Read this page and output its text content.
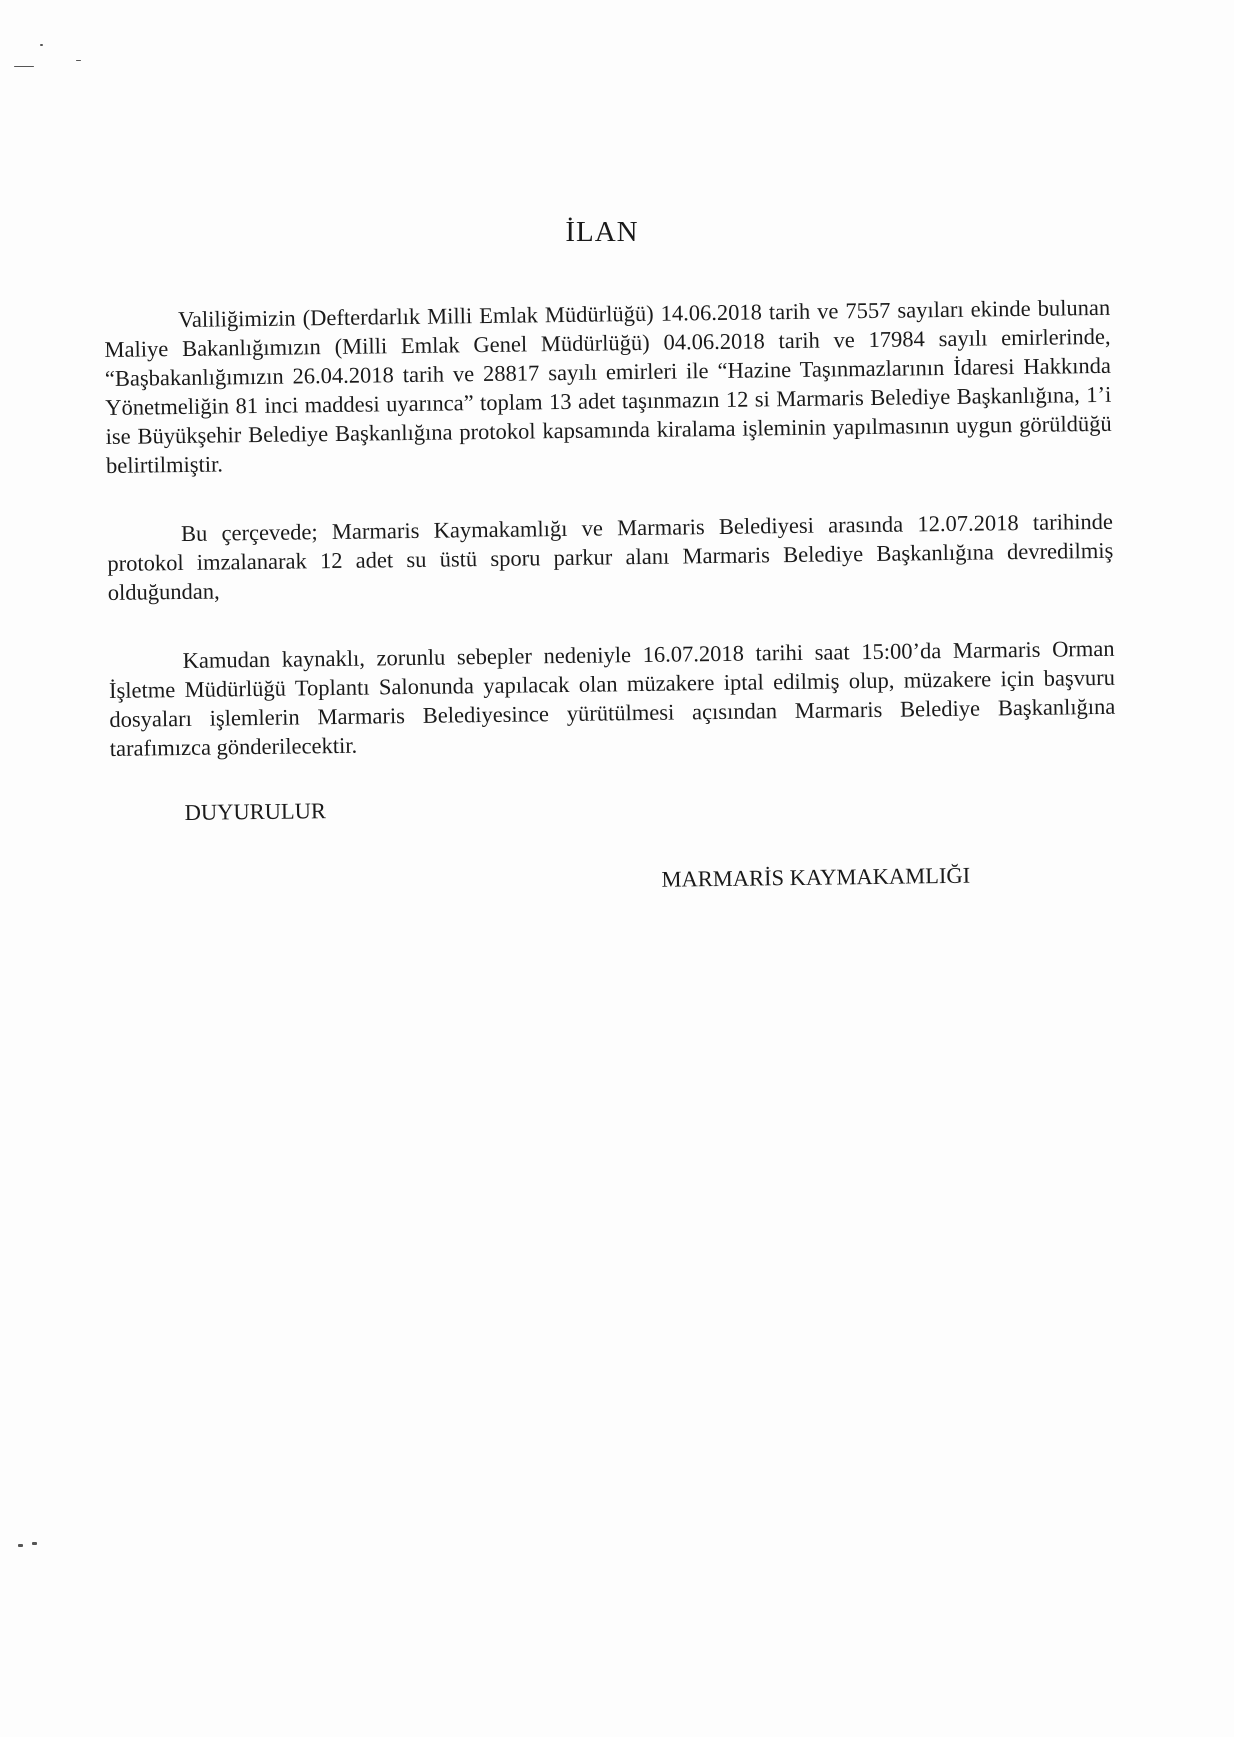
İLAN

Valiliğimizin (Defterdarlık Milli Emlak Müdürlüğü) 14.06.2018 tarih ve 7557 sayıları ekinde bulunan Maliye Bakanlığımızın (Milli Emlak Genel Müdürlüğü) 04.06.2018 tarih ve 17984 sayılı emirlerinde, “Başbakanlığımızın 26.04.2018 tarih ve 28817 sayılı emirleri ile “Hazine Taşınmazlarının İdaresi Hakkında Yönetmeliğin 81 inci maddesi uyarınca” toplam 13 adet taşınmazın 12 si Marmaris Belediye Başkanlığına, 1’i ise Büyükşehir Belediye Başkanlığına protokol kapsamında kiralama işleminin yapılmasının uygun görüldüğü belirtilmiştir.

Bu çerçevede; Marmaris Kaymakamlığı ve Marmaris Belediyesi arasında 12.07.2018 tarihinde protokol imzalanarak 12 adet su üstü sporu parkur alanı Marmaris Belediye Başkanlığına devredilmiş olduğundan,

Kamudan kaynaklı, zorunlu sebepler nedeniyle 16.07.2018 tarihi saat 15:00’da Marmaris Orman İşletme Müdürlüğü Toplantı Salonunda yapılacak olan müzakere iptal edilmiş olup, müzakere için başvuru dosyaları işlemlerin Marmaris Belediyesince yürütülmesi açısından Marmaris Belediye Başkanlığına tarafımızca gönderilecektir.

DUYURULUR
MARMARİS KAYMAKAMLIĞI
